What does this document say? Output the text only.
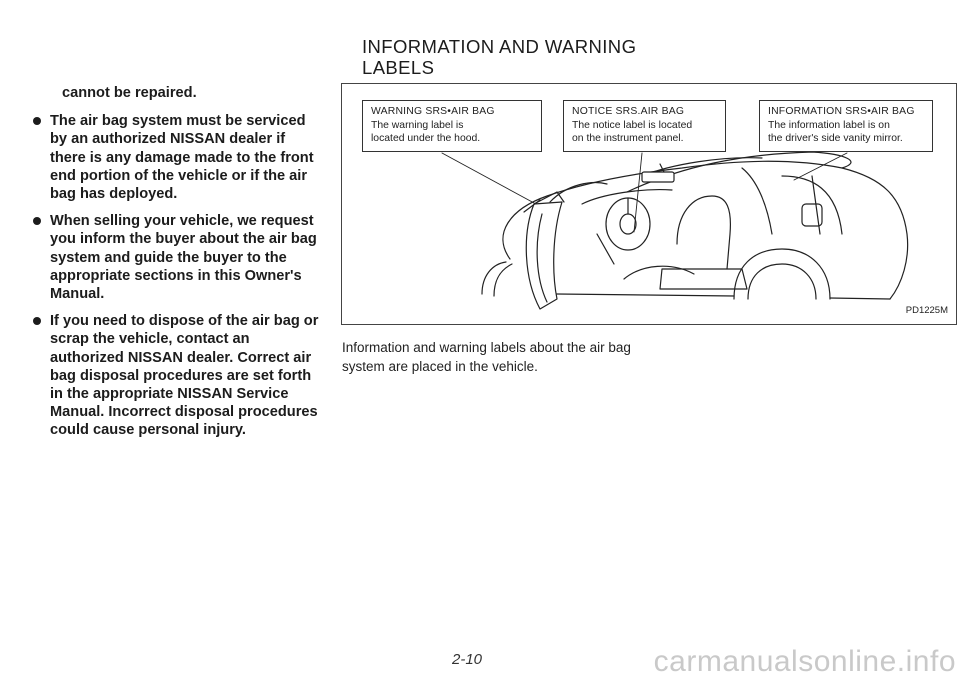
cannot be repaired.

The air bag system must be serviced by an authorized NISSAN dealer if there is any damage made to the front end portion of the vehicle or if the air bag has deployed.

When selling your vehicle, we request you inform the buyer about the air bag system and guide the buyer to the appropriate sections in this Owner's Manual.

If you need to dispose of the air bag or scrap the vehicle, contact an authorized NISSAN dealer. Correct air bag disposal procedures are set forth in the appropriate NISSAN Service Manual. Incorrect disposal procedures could cause personal injury.

INFORMATION AND WARNING LABELS
WARNING SRS•AIR BAG
The warning label is
located under the hood.
NOTICE SRS.AIR BAG
The notice label is located
on the instrument panel.
INFORMATION SRS•AIR BAG
The information label is on
the driver's side vanity mirror.
PD1225M

Information and warning labels about the air bag system are placed in the vehicle.

2-10	carmanualsonline.info
